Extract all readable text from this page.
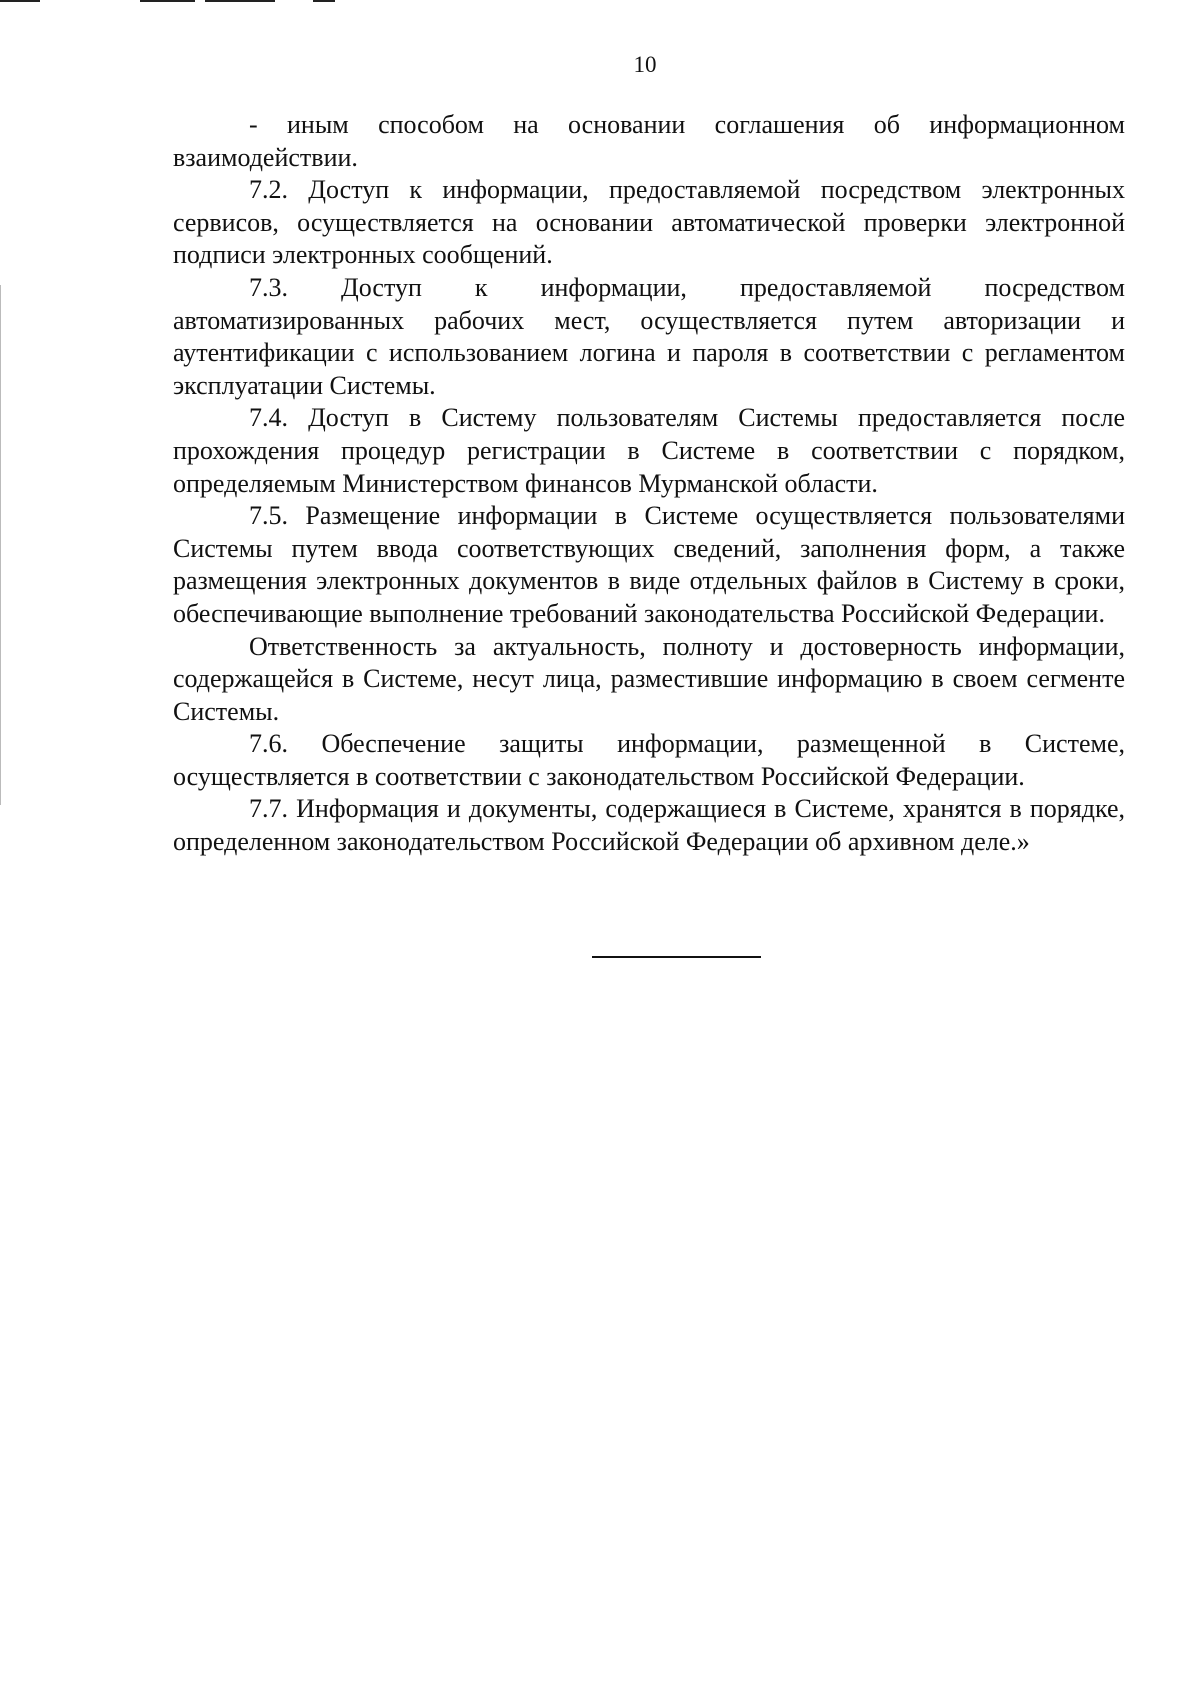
10

- иным способом на основании соглашения об информационном взаимодействии.

7.2. Доступ к информации, предоставляемой посредством электронных сервисов, осуществляется на основании автоматической проверки электронной подписи электронных сообщений.

7.3. Доступ к информации, предоставляемой посредством автоматизированных рабочих мест, осуществляется путем авторизации и аутентификации с использованием логина и пароля в соответствии с регламентом эксплуатации Системы.

7.4. Доступ в Систему пользователям Системы предоставляется после прохождения процедур регистрации в Системе в соответствии с порядком, определяемым Министерством финансов Мурманской области.

7.5. Размещение информации в Системе осуществляется пользователями Системы путем ввода соответствующих сведений, заполнения форм, а также размещения электронных документов в виде отдельных файлов в Систему в сроки, обеспечивающие выполнение требований законодательства Российской Федерации.

Ответственность за актуальность, полноту и достоверность информации, содержащейся в Системе, несут лица, разместившие информацию в своем сегменте Системы.

7.6. Обеспечение защиты информации, размещенной в Системе, осуществляется в соответствии с законодательством Российской Федерации.

7.7. Информация и документы, содержащиеся в Системе, хранятся в порядке, определенном законодательством Российской Федерации об архивном деле.»
